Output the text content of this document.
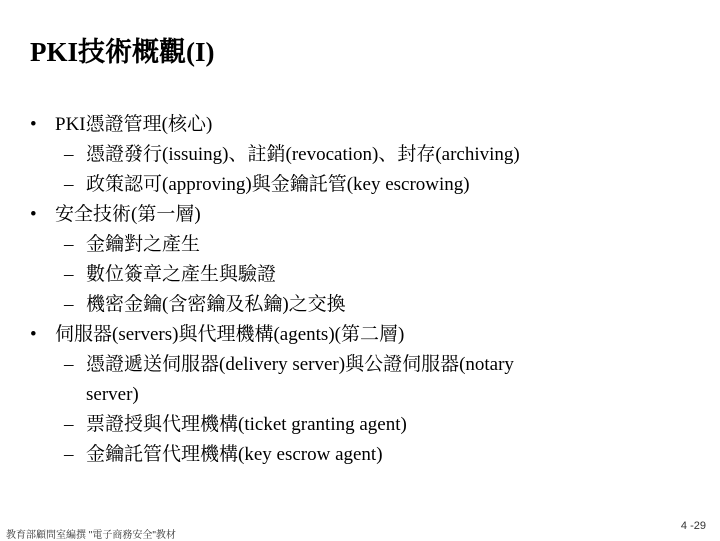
PKI技術概觀(I)
• PKI憑證管理(核心)
– 憑證發行(issuing)、註銷(revocation)、封存(archiving)
– 政策認可(approving)與金鑰託管(key escrowing)
• 安全技術(第一層)
– 金鑰對之產生
– 數位簽章之產生與驗證
– 機密金鑰(含密鑰及私鑰)之交換
• 伺服器(servers)與代理機構(agents)(第二層)
– 憑證遞送伺服器(delivery server)與公證伺服器(notary
server)
– 票證授與代理機構(ticket granting agent)
– 金鑰託管代理機構(key escrow agent)
教育部顧問室編撰 "電子商務安全"教材
4 -29
